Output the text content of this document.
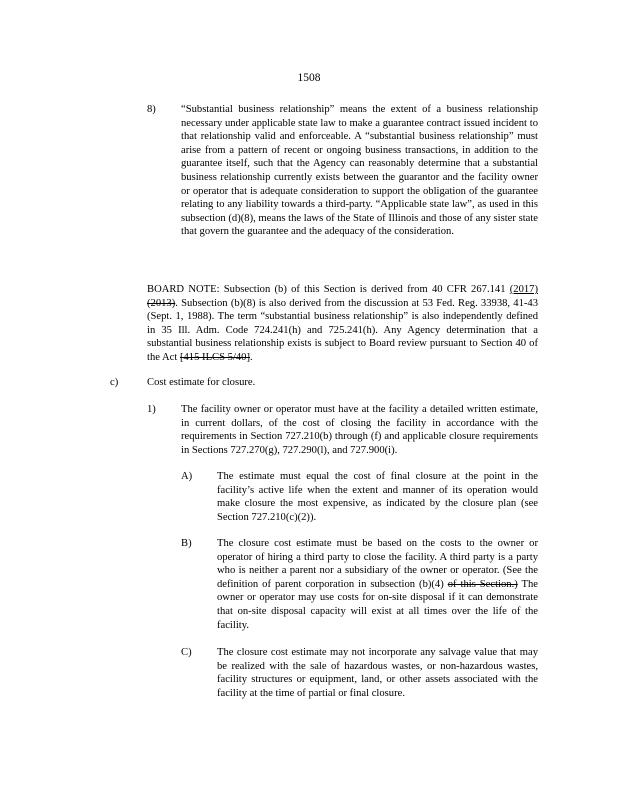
1508
8) “Substantial business relationship” means the extent of a business relationship necessary under applicable state law to make a guarantee contract issued incident to that relationship valid and enforceable. A “substantial business relationship” must arise from a pattern of recent or ongoing business transactions, in addition to the guarantee itself, such that the Agency can reasonably determine that a substantial business relationship currently exists between the guarantor and the facility owner or operator that is adequate consideration to support the obligation of the guarantee relating to any liability towards a third-party. “Applicable state law”, as used in this subsection (d)(8), means the laws of the State of Illinois and those of any sister state that govern the guarantee and the adequacy of the consideration.
BOARD NOTE: Subsection (b) of this Section is derived from 40 CFR 267.141 (2017) (2013). Subsection (b)(8) is also derived from the discussion at 53 Fed. Reg. 33938, 41-43 (Sept. 1, 1988). The term “substantial business relationship” is also independently defined in 35 Ill. Adm. Code 724.241(h) and 725.241(h). Any Agency determination that a substantial business relationship exists is subject to Board review pursuant to Section 40 of the Act [415 ILCS 5/40].
c)	Cost estimate for closure.
1) The facility owner or operator must have at the facility a detailed written estimate, in current dollars, of the cost of closing the facility in accordance with the requirements in Section 727.210(b) through (f) and applicable closure requirements in Sections 727.270(g), 727.290(l), and 727.900(i).
A) The estimate must equal the cost of final closure at the point in the facility’s active life when the extent and manner of its operation would make closure the most expensive, as indicated by the closure plan (see Section 727.210(c)(2)).
B) The closure cost estimate must be based on the costs to the owner or operator of hiring a third party to close the facility. A third party is a party who is neither a parent nor a subsidiary of the owner or operator. (See the definition of parent corporation in subsection (b)(4) of this Section.) The owner or operator may use costs for on-site disposal if it can demonstrate that on-site disposal capacity will exist at all times over the life of the facility.
C) The closure cost estimate may not incorporate any salvage value that may be realized with the sale of hazardous wastes, or non-hazardous wastes, facility structures or equipment, land, or other assets associated with the facility at the time of partial or final closure.
